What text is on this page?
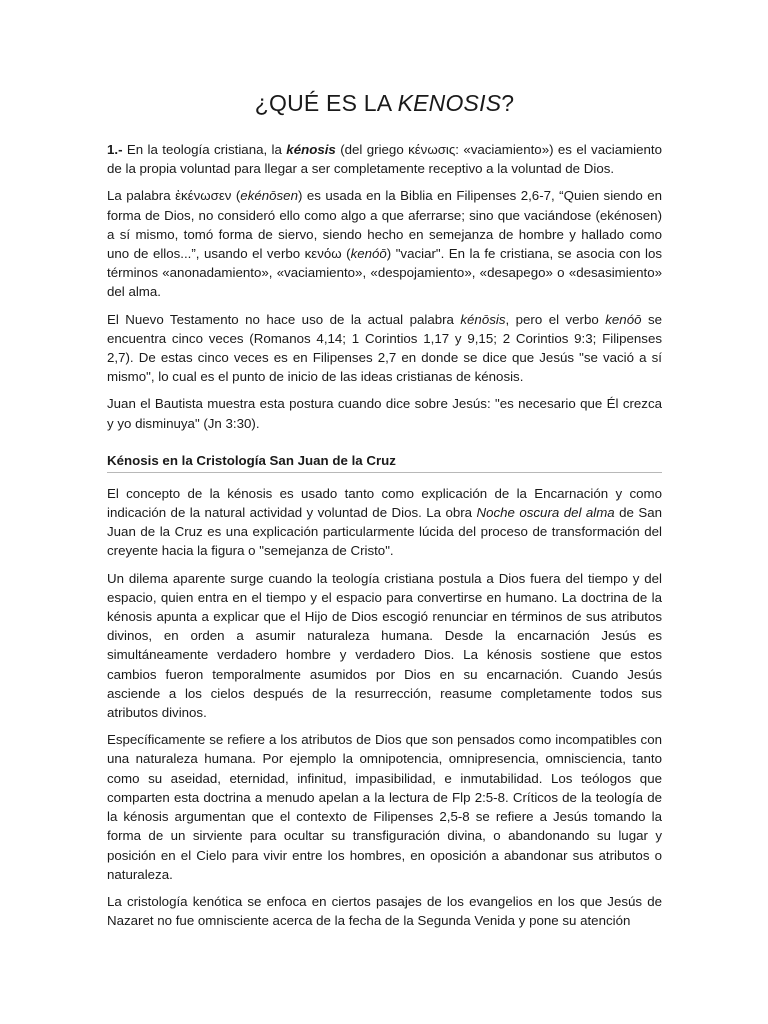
¿QUÉ ES LA KENOSIS?

1.- En la teología cristiana, la kénosis (del griego κένωσις: «vaciamiento») es el vaciamiento de la propia voluntad para llegar a ser completamente receptivo a la voluntad de Dios.

La palabra ἐκένωσεν (ekénōsen) es usada en la Biblia en Filipenses 2,6-7, “Quien siendo en forma de Dios, no consideró ello como algo a que aferrarse; sino que vaciándose (ekénosen) a sí mismo, tomó forma de siervo, siendo hecho en semejanza de hombre y hallado como uno de ellos...”, usando el verbo κενόω (kenóō) "vaciar". En la fe cristiana, se asocia con los términos «anonadamiento», «vaciamiento», «despojamiento», «desapego» o «desasimiento» del alma.

El Nuevo Testamento no hace uso de la actual palabra kénōsis, pero el verbo kenóō se encuentra cinco veces (Romanos 4,14; 1 Corintios 1,17 y 9,15; 2 Corintios 9:3; Filipenses 2,7). De estas cinco veces es en Filipenses 2,7 en donde se dice que Jesús "se vació a sí mismo", lo cual es el punto de inicio de las ideas cristianas de kénosis.

Juan el Bautista muestra esta postura cuando dice sobre Jesús: "es necesario que Él crezca y yo disminuya" (Jn 3:30).

Kénosis en la Cristología San Juan de la Cruz

El concepto de la kénosis es usado tanto como explicación de la Encarnación y como indicación de la natural actividad y voluntad de Dios. La obra Noche oscura del alma de San Juan de la Cruz es una explicación particularmente lúcida del proceso de transformación del creyente hacia la figura o "semejanza de Cristo".

Un dilema aparente surge cuando la teología cristiana postula a Dios fuera del tiempo y del espacio, quien entra en el tiempo y el espacio para convertirse en humano. La doctrina de la kénosis apunta a explicar que el Hijo de Dios escogió renunciar en términos de sus atributos divinos, en orden a asumir naturaleza humana. Desde la encarnación Jesús es simultáneamente verdadero hombre y verdadero Dios. La kénosis sostiene que estos cambios fueron temporalmente asumidos por Dios en su encarnación. Cuando Jesús asciende a los cielos después de la resurrección, reasume completamente todos sus atributos divinos.

Específicamente se refiere a los atributos de Dios que son pensados como incompatibles con una naturaleza humana. Por ejemplo la omnipotencia, omnipresencia, omnisciencia, tanto como su aseidad, eternidad, infinitud, impasibilidad, e inmutabilidad. Los teólogos que comparten esta doctrina a menudo apelan a la lectura de Flp 2:5-8. Críticos de la teología de la kénosis argumentan que el contexto de Filipenses 2,5-8 se refiere a Jesús tomando la forma de un sirviente para ocultar su transfiguración divina, o abandonando su lugar y posición en el Cielo para vivir entre los hombres, en oposición a abandonar sus atributos o naturaleza.

La cristología kenótica se enfoca en ciertos pasajes de los evangelios en los que Jesús de Nazaret no fue omnisciente acerca de la fecha de la Segunda Venida y pone su atención
